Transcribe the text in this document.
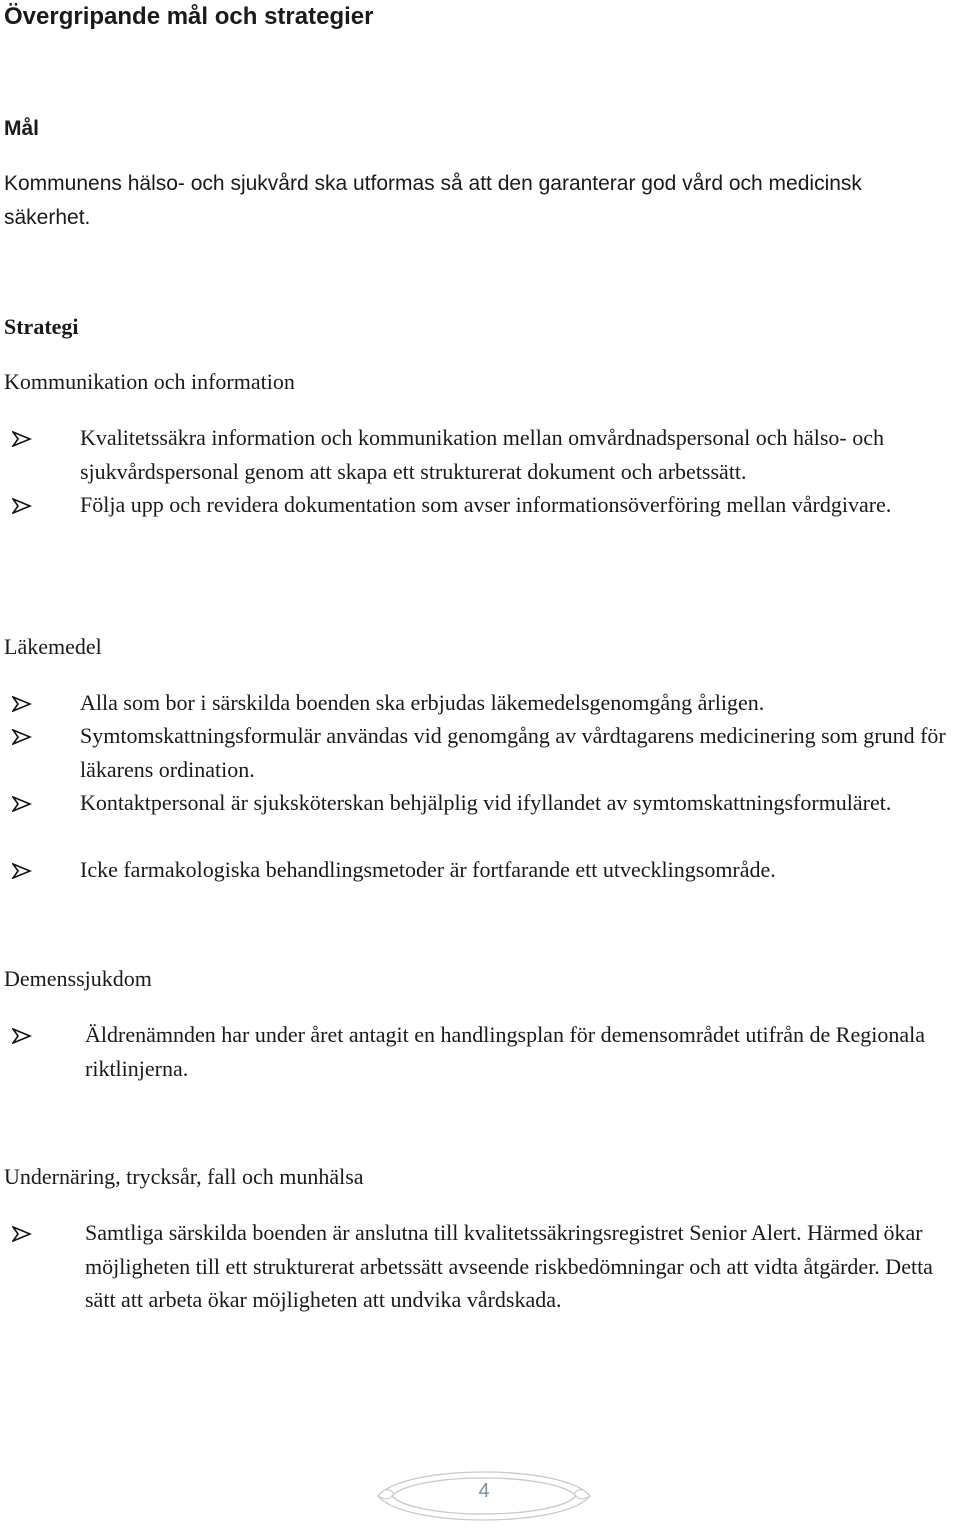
Övergripande mål och strategier
Mål
Kommunens hälso- och sjukvård ska utformas så att den garanterar god vård och medicinsk säkerhet.
Strategi
Kommunikation och information
Kvalitetssäkra information och kommunikation mellan omvårdnadspersonal och hälso- och sjukvårdspersonal genom att skapa ett strukturerat dokument och arbetssätt.
Följa upp och revidera dokumentation som avser informationsöverföring mellan vårdgivare.
Läkemedel
Alla som bor i särskilda boenden ska erbjudas läkemedelsgenomgång årligen.
Symtomskattningsformulär användas vid genomgång av vårdtagarens medicinering som grund för läkarens ordination.
Kontaktpersonal är sjuksköterskan behjälplig vid ifyllandet av symtomskattningsformuläret.
Icke farmakologiska behandlingsmetoder är fortfarande ett utvecklingsområde.
Demenssjukdom
Äldrenämnden har under året antagit en handlingsplan för demensområdet utifrån de Regionala riktlinjerna.
Undernäring, trycksår, fall och munhälsa
Samtliga särskilda boenden är anslutna till kvalitetssäkringsregistret Senior Alert. Härmed ökar möjligheten till ett strukturerat arbetssätt avseende riskbedömningar och att vidta åtgärder. Detta sätt att arbeta ökar möjligheten att undvika vårdskada.
4
